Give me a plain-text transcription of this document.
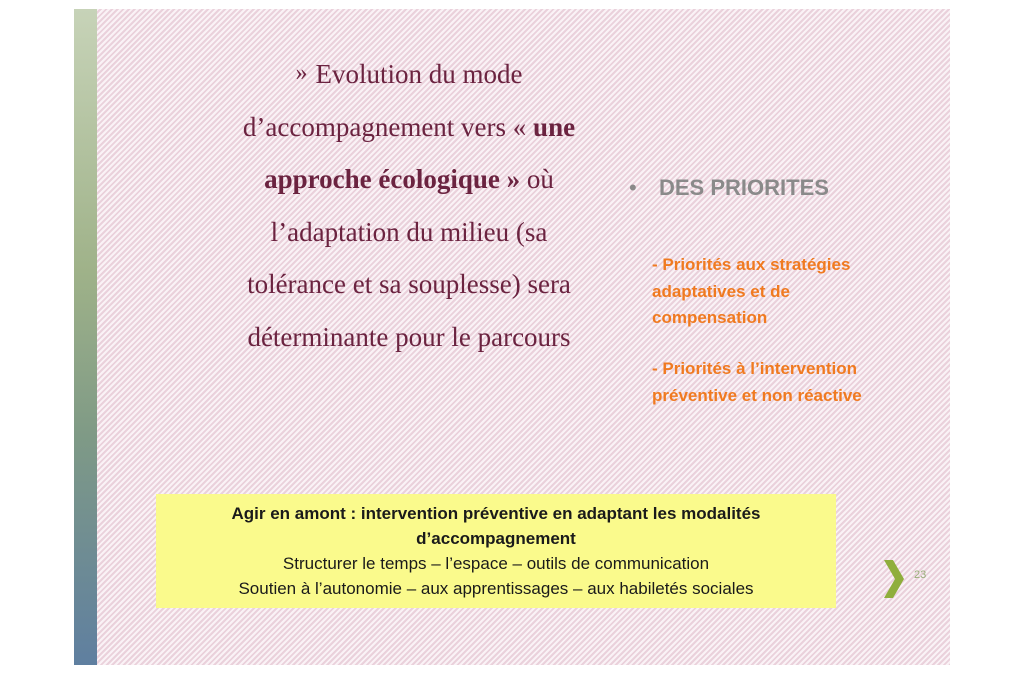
» Evolution du mode
d’accompagnement vers « une
approche écologique » où
l’adaptation du milieu (sa
tolérance et sa souplesse) sera
déterminante pour le parcours

• DES PRIORITES

- Priorités aux stratégies
adaptatives et de
compensation

- Priorités à l’intervention
préventive et non réactive

Agir en amont : intervention préventive en adaptant les modalités
d’accompagnement
Structurer le temps – l’espace – outils de communication
Soutien à l’autonomie – aux apprentissages – aux habiletés sociales

23
